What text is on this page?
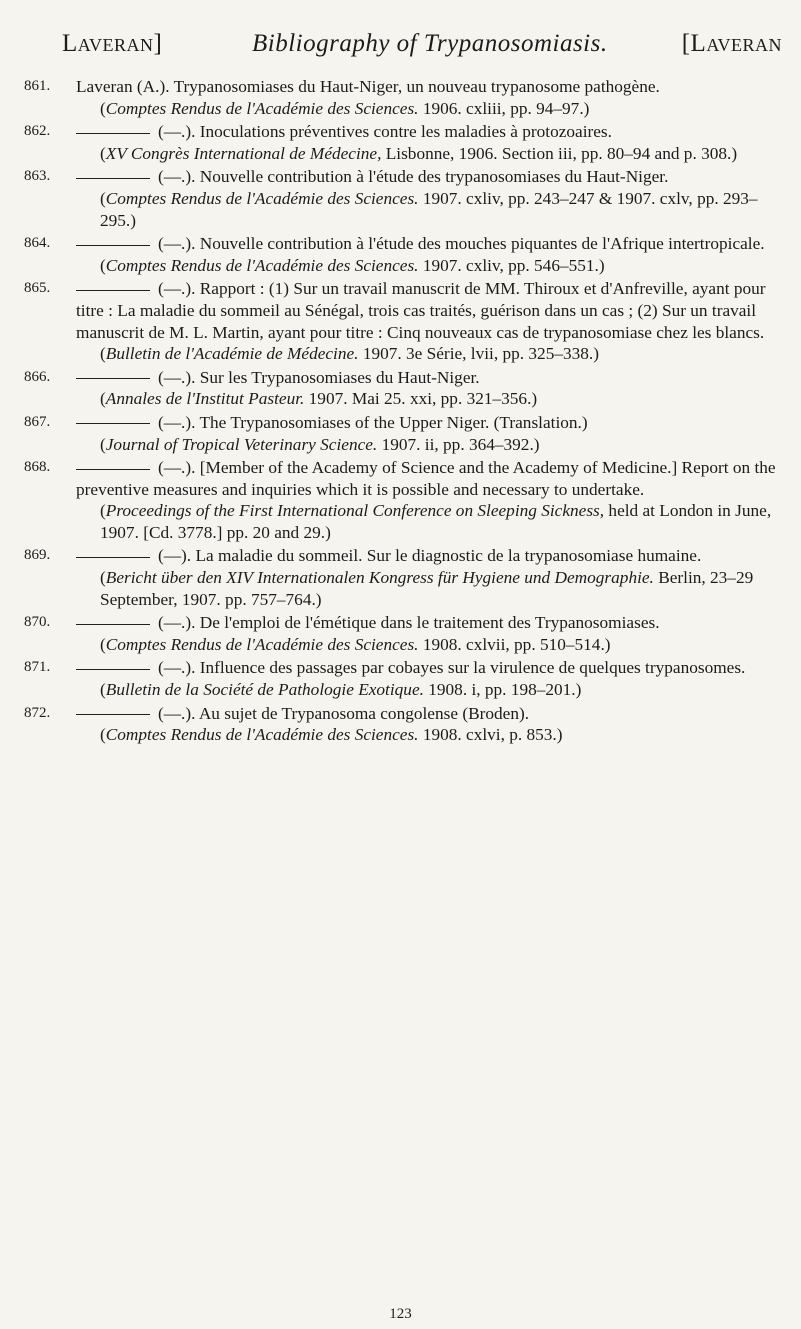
Laveran]	Bibliography of Trypanosomiasis.	[Laveran
861. Laveran (A.). Trypanosomiases du Haut-Niger, un nouveau trypanosome pathogène.
(Comptes Rendus de l'Académie des Sciences. 1906. cxliii, pp. 94–97.)
862.	(—.). Inoculations préventives contre les maladies à protozoaires.
(XV Congrès International de Médecine, Lisbonne, 1906. Section iii, pp. 80–94 and p. 308.)
863.	(—.). Nouvelle contribution à l'étude des trypanosomiases du Haut-Niger.
(Comptes Rendus de l'Académie des Sciences. 1907. cxliv, pp. 243–247 & 1907. cxlv, pp. 293–295.)
864.	(—.). Nouvelle contribution à l'étude des mouches piquantes de l'Afrique intertropicale.
(Comptes Rendus de l'Académie des Sciences. 1907. cxliv, pp. 546–551.)
865.	(—.). Rapport : (1) Sur un travail manuscrit de MM. Thiroux et d'Anfreville, ayant pour titre : La maladie du sommeil au Sénégal, trois cas traités, guérison dans un cas ; (2) Sur un travail manuscrit de M. L. Martin, ayant pour titre : Cinq nouveaux cas de trypanosomiase chez les blancs.
(Bulletin de l'Académie de Médecine. 1907. 3e Série, lvii, pp. 325–338.)
866.	(—.). Sur les Trypanosomiases du Haut-Niger.
(Annales de l'Institut Pasteur. 1907. Mai 25. xxi, pp. 321–356.)
867.	(—.). The Trypanosomiases of the Upper Niger. (Translation.)
(Journal of Tropical Veterinary Science. 1907. ii, pp. 364–392.)
868.	(—.). [Member of the Academy of Science and the Academy of Medicine.] Report on the preventive measures and inquiries which it is possible and necessary to undertake.
(Proceedings of the First International Conference on Sleeping Sickness, held at London in June, 1907. [Cd. 3778.] pp. 20 and 29.)
869.	(—). La maladie du sommeil. Sur le diagnostic de la trypanosomiase humaine.
(Bericht über den XIV Internationalen Kongress für Hygiene und Demographie. Berlin, 23–29 September, 1907. pp. 757–764.)
870.	(—.). De l'emploi de l'émétique dans le traitement des Trypanosomiases.
(Comptes Rendus de l'Académie des Sciences. 1908. cxlvii, pp. 510–514.)
871.	(—.). Influence des passages par cobayes sur la virulence de quelques trypanosomes.
(Bulletin de la Société de Pathologie Exotique. 1908. i, pp. 198–201.)
872.	(—.). Au sujet de Trypanosoma congolense (Broden).
(Comptes Rendus de l'Académie des Sciences. 1908. cxlvi, p. 853.)
123
